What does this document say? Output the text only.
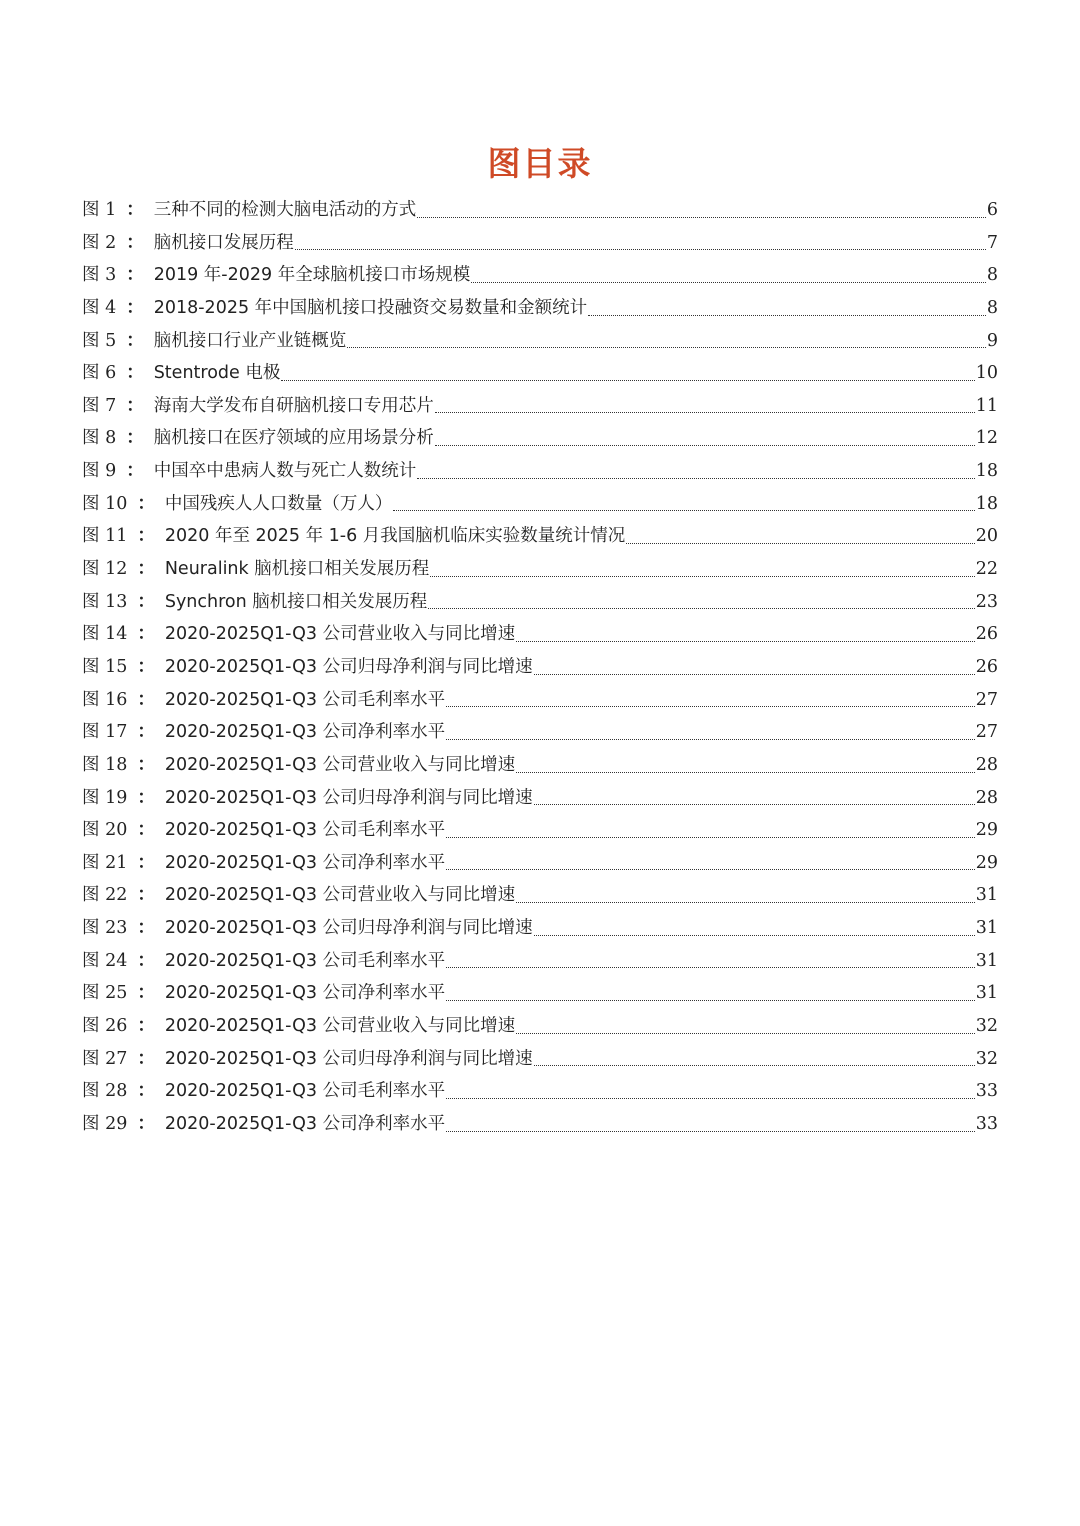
图目录
图 1 ： 三种不同的检测大脑电活动的方式	6
图 2 ： 脑机接口发展历程	7
图 3 ： 2019 年-2029 年全球脑机接口市场规模	8
图 4 ： 2018-2025 年中国脑机接口投融资交易数量和金额统计	8
图 5 ： 脑机接口行业产业链概览	9
图 6 ： Stentrode 电极	10
图 7 ： 海南大学发布自研脑机接口专用芯片	11
图 8 ： 脑机接口在医疗领域的应用场景分析	12
图 9 ： 中国卒中患病人数与死亡人数统计	18
图 10 ： 中国残疾人人口数量（万人）	18
图 11 ： 2020 年至 2025 年 1-6 月我国脑机临床实验数量统计情况	20
图 12 ： Neuralink 脑机接口相关发展历程	22
图 13 ： Synchron 脑机接口相关发展历程	23
图 14 ： 2020-2025Q1-Q3 公司营业收入与同比增速	26
图 15 ： 2020-2025Q1-Q3 公司归母净利润与同比增速	26
图 16 ： 2020-2025Q1-Q3 公司毛利率水平	27
图 17 ： 2020-2025Q1-Q3 公司净利率水平	27
图 18 ： 2020-2025Q1-Q3 公司营业收入与同比增速	28
图 19 ： 2020-2025Q1-Q3 公司归母净利润与同比增速	28
图 20 ： 2020-2025Q1-Q3 公司毛利率水平	29
图 21 ： 2020-2025Q1-Q3 公司净利率水平	29
图 22 ： 2020-2025Q1-Q3 公司营业收入与同比增速	31
图 23 ： 2020-2025Q1-Q3 公司归母净利润与同比增速	31
图 24 ： 2020-2025Q1-Q3 公司毛利率水平	31
图 25 ： 2020-2025Q1-Q3 公司净利率水平	31
图 26 ： 2020-2025Q1-Q3 公司营业收入与同比增速	32
图 27 ： 2020-2025Q1-Q3 公司归母净利润与同比增速	32
图 28 ： 2020-2025Q1-Q3 公司毛利率水平	33
图 29 ： 2020-2025Q1-Q3 公司净利率水平	33
